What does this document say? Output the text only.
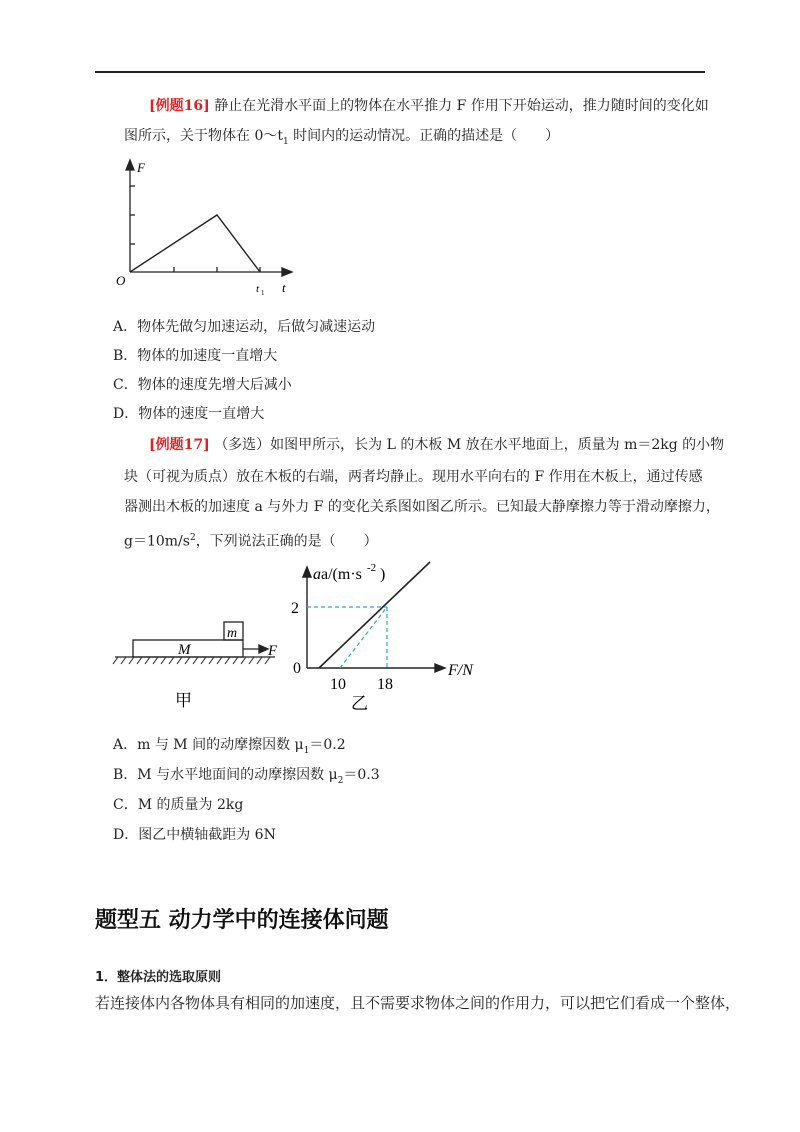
[例题16] 静止在光滑水平面上的物体在水平推力 F 作用下开始运动，推力随时间的变化如
图所示，关于物体在 $0\sim t_1$ 时间内的运动情况。正确的描述是（　　）
F
O
t 1 t
A．物体先做匀加速运动，后做匀减速运动
B．物体的加速度一直增大
C．物体的速度先增大后减小
D．物体的速度一直增大
[例题17] （多选）如图甲所示，长为 L 的木板 M 放在水平地面上，质量为 m＝2kg 的小物
块（可视为质点）放在木板的右端，两者均静止。现用水平向右的 F 作用在木板上，通过传感
器测出木板的加速度 a 与外力 F 的变化关系图如图乙所示。已知最大静摩擦力等于滑动摩擦力，
$g=10m/s^2$，下列说法正确的是（　　）
m
M	F
甲
aa/(m·s -2 )
2
0
10 18
F/N
乙
A．m 与 M 间的动摩擦因数 $\mu_1=0.2$
B．M 与水平地面间的动摩擦因数 $\mu_2=0.3$
C．M 的质量为 2kg
D．图乙中横轴截距为 6N
题型五 动力学中的连接体问题
1．整体法的选取原则
若连接体内各物体具有相同的加速度，且不需要求物体之间的作用力，可以把它们看成一个整体，
